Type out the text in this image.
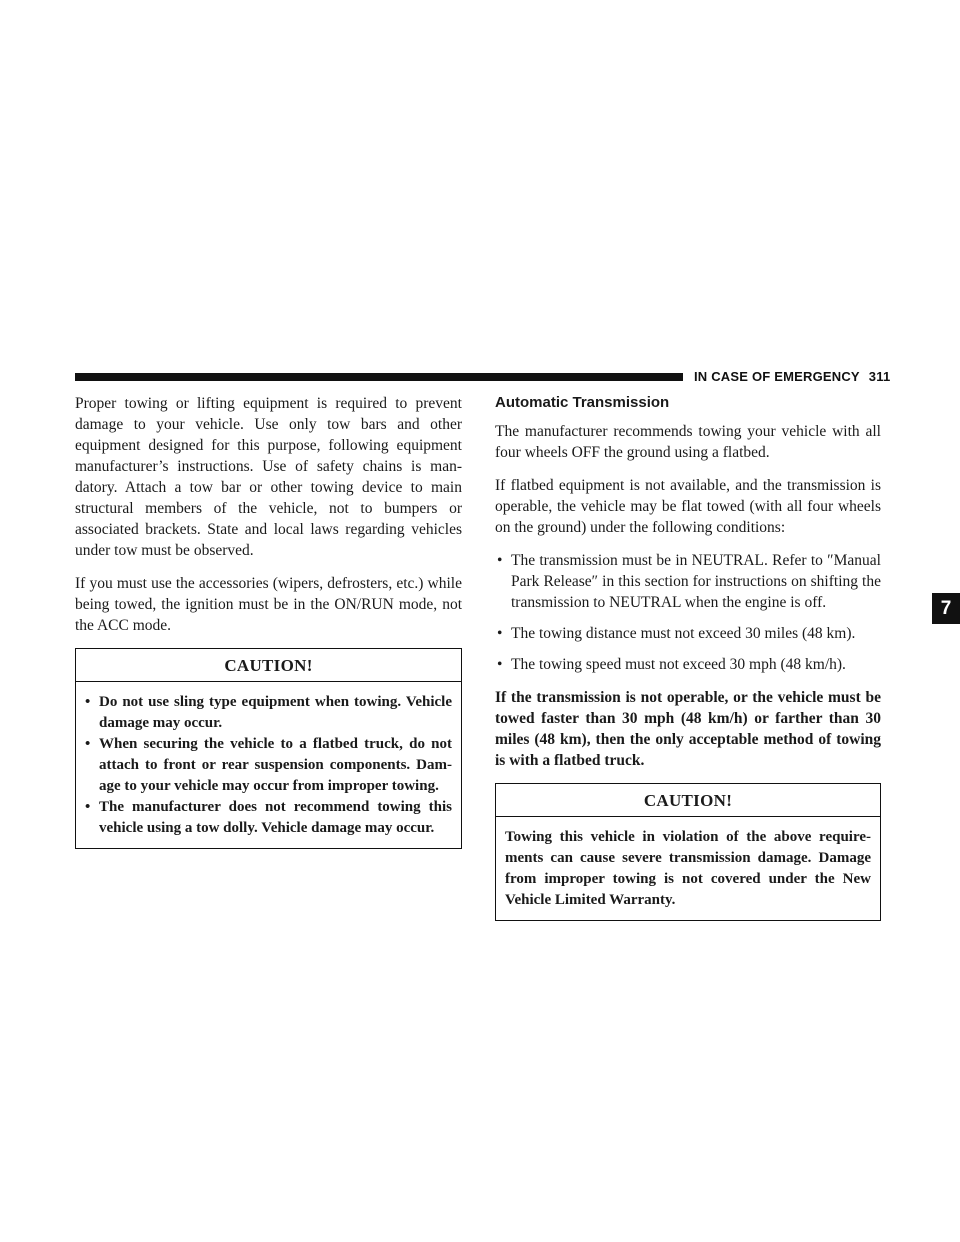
IN CASE OF EMERGENCY 311
7

Proper towing or lifting equipment is required to prevent damage to your vehicle. Use only tow bars and other equipment designed for this purpose, following equipment manufacturer’s instructions. Use of safety chains is mandatory. Attach a tow bar or other towing device to main structural members of the vehicle, not to bumpers or associated brackets. State and local laws regarding vehicles under tow must be observed.

If you must use the accessories (wipers, defrosters, etc.) while being towed, the ignition must be in the ON/RUN mode, not the ACC mode.

CAUTION!
• Do not use sling type equipment when towing. Vehicle damage may occur.
• When securing the vehicle to a flatbed truck, do not attach to front or rear suspension components. Damage to your vehicle may occur from improper towing.
• The manufacturer does not recommend towing this vehicle using a tow dolly. Vehicle damage may occur.
Automatic Transmission

The manufacturer recommends towing your vehicle with all four wheels OFF the ground using a flatbed.

If flatbed equipment is not available, and the transmission is operable, the vehicle may be flat towed (with all four wheels on the ground) under the following conditions:

• The transmission must be in NEUTRAL. Refer to ″Manual Park Release″ in this section for instructions on shifting the transmission to NEUTRAL when the engine is off.
• The towing distance must not exceed 30 miles (48 km).
• The towing speed must not exceed 30 mph (48 km/h).

If the transmission is not operable, or the vehicle must be towed faster than 30 mph (48 km/h) or farther than 30 miles (48 km), then the only acceptable method of towing is with a flatbed truck.

CAUTION!

Towing this vehicle in violation of the above requirements can cause severe transmission damage. Damage from improper towing is not covered under the New Vehicle Limited Warranty.
